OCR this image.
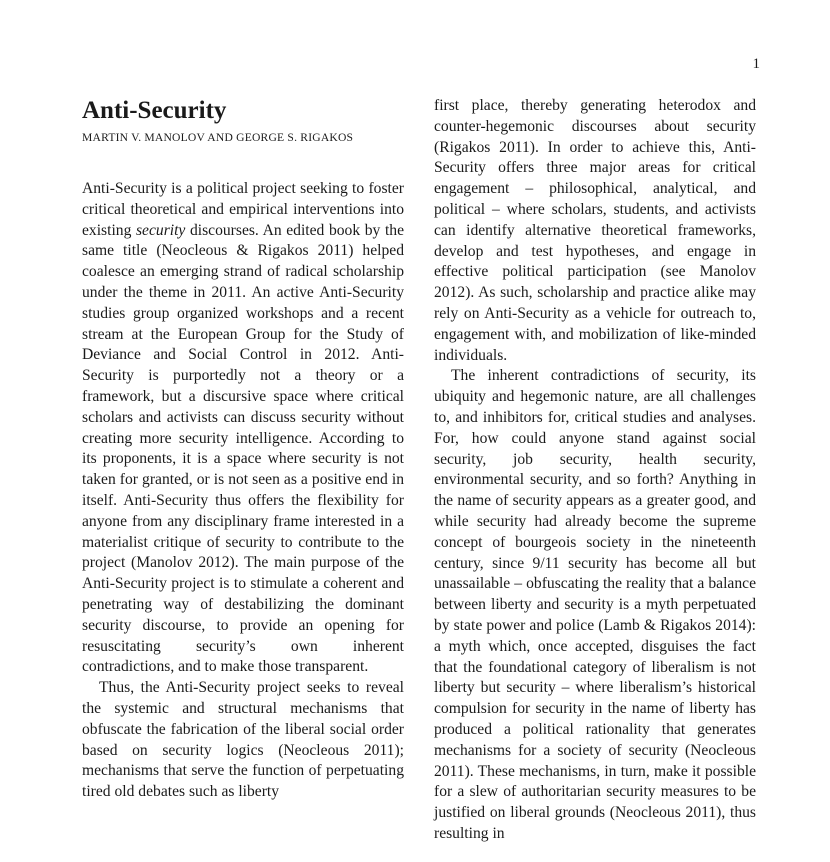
1
Anti-Security
MARTIN V. MANOLOV AND GEORGE S. RIGAKOS

Anti-Security is a political project seeking to foster critical theoretical and empirical interventions into existing security discourses. An edited book by the same title (Neocleous & Rigakos 2011) helped coalesce an emerging strand of radical scholarship under the theme in 2011. An active Anti-Security studies group organized workshops and a recent stream at the European Group for the Study of Deviance and Social Control in 2012. Anti-Security is purportedly not a theory or a framework, but a discursive space where critical scholars and activists can discuss security without creating more security intelligence. According to its proponents, it is a space where security is not taken for granted, or is not seen as a positive end in itself. Anti-Security thus offers the flexibility for anyone from any disciplinary frame interested in a materialist critique of security to contribute to the project (Manolov 2012). The main purpose of the Anti-Security project is to stimulate a coherent and penetrating way of destabilizing the dominant security discourse, to provide an opening for resuscitating security’s own inherent contradictions, and to make those transparent.

Thus, the Anti-Security project seeks to reveal the systemic and structural mechanisms that obfuscate the fabrication of the liberal social order based on security logics (Neocleous 2011); mechanisms that serve the function of perpetuating tired old debates such as liberty

first place, thereby generating heterodox and counter-hegemonic discourses about security (Rigakos 2011). In order to achieve this, Anti-Security offers three major areas for critical engagement – philosophical, analytical, and political – where scholars, students, and activists can identify alternative theoretical frameworks, develop and test hypotheses, and engage in effective political participation (see Manolov 2012). As such, scholarship and practice alike may rely on Anti-Security as a vehicle for outreach to, engagement with, and mobilization of like-minded individuals.

The inherent contradictions of security, its ubiquity and hegemonic nature, are all challenges to, and inhibitors for, critical studies and analyses. For, how could anyone stand against social security, job security, health security, environmental security, and so forth? Anything in the name of security appears as a greater good, and while security had already become the supreme concept of bourgeois society in the nineteenth century, since 9/11 security has become all but unassailable – obfuscating the reality that a balance between liberty and security is a myth perpetuated by state power and police (Lamb & Rigakos 2014): a myth which, once accepted, disguises the fact that the foundational category of liberalism is not liberty but security – where liberalism’s historical compulsion for security in the name of liberty has produced a political rationality that generates mechanisms for a society of security (Neocleous 2011). These mechanisms, in turn, make it possible for a slew of authoritarian security measures to be justified on liberal grounds (Neocleous 2011), thus resulting in
